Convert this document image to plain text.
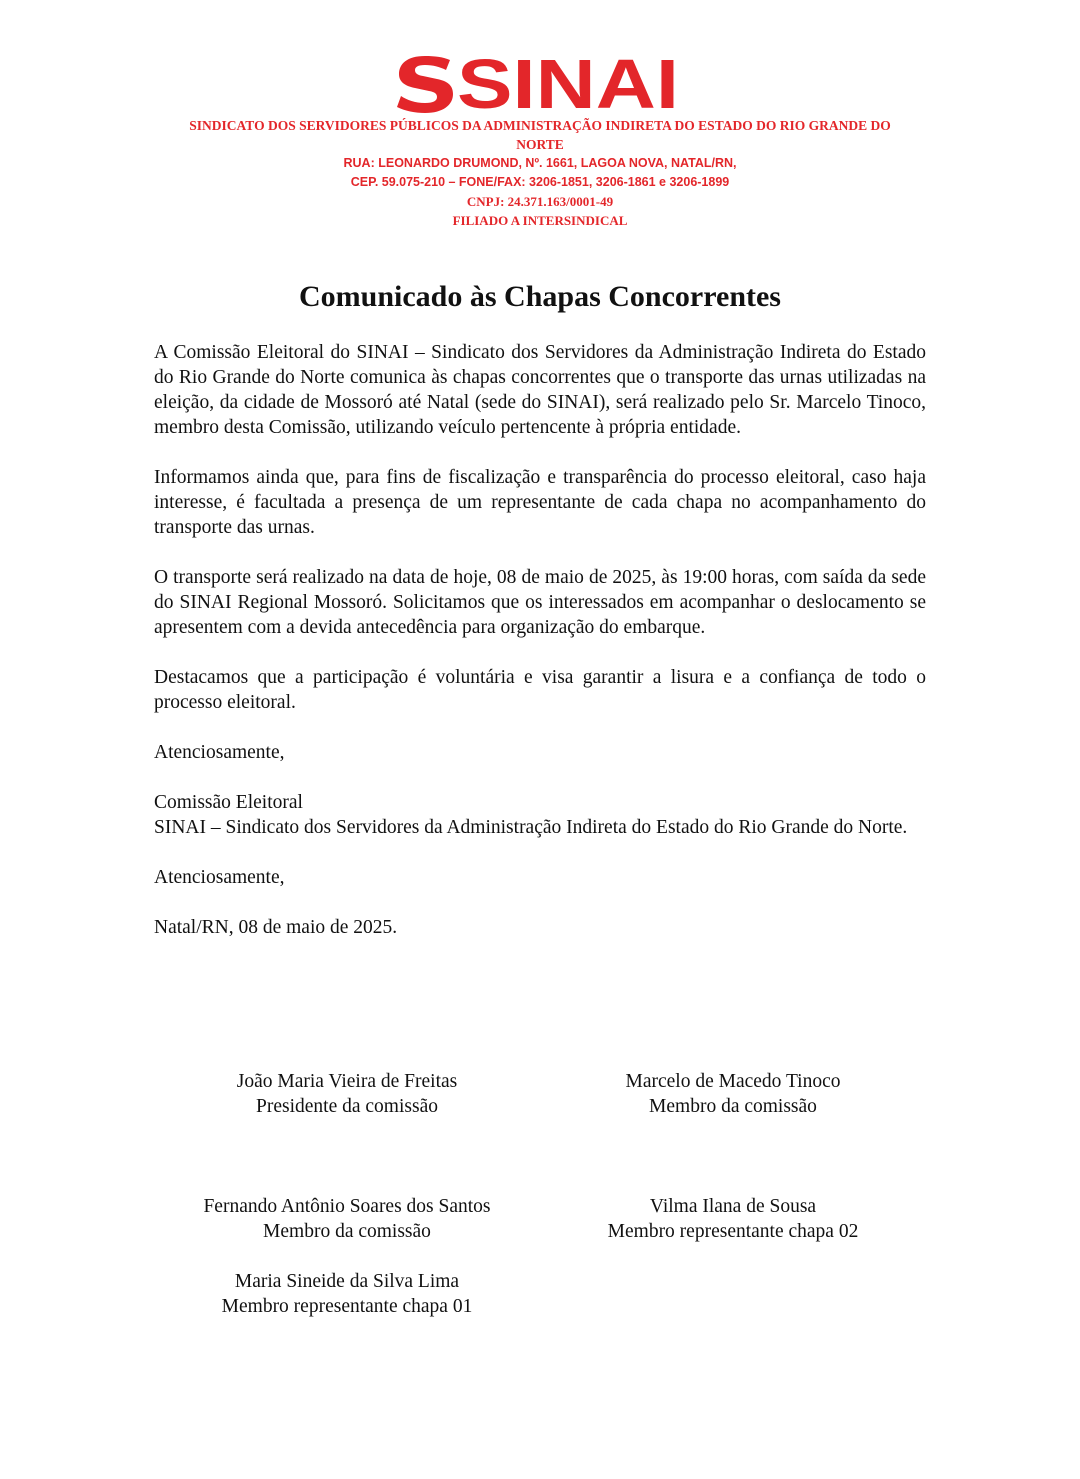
SINAI
SINDICATO DOS SERVIDORES PÚBLICOS DA ADMINISTRAÇÃO INDIRETA DO ESTADO DO RIO GRANDE DO NORTE
RUA: LEONARDO DRUMOND, Nº. 1661, LAGOA NOVA, NATAL/RN,
CEP. 59.075-210 – FONE/FAX: 3206-1851, 3206-1861 e 3206-1899
CNPJ: 24.371.163/0001-49
FILIADO A INTERSINDICAL
Comunicado às Chapas Concorrentes

A Comissão Eleitoral do SINAI – Sindicato dos Servidores da Administração Indireta do Estado do Rio Grande do Norte comunica às chapas concorrentes que o transporte das urnas utilizadas na eleição, da cidade de Mossoró até Natal (sede do SINAI), será realizado pelo Sr. Marcelo Tinoco, membro desta Comissão, utilizando veículo pertencente à própria entidade.

Informamos ainda que, para fins de fiscalização e transparência do processo eleitoral, caso haja interesse, é facultada a presença de um representante de cada chapa no acompanhamento do transporte das urnas.

O transporte será realizado na data de hoje, 08 de maio de 2025, às 19:00 horas, com saída da sede do SINAI Regional Mossoró. Solicitamos que os interessados em acompanhar o deslocamento se apresentem com a devida antecedência para organização do embarque.

Destacamos que a participação é voluntária e visa garantir a lisura e a confiança de todo o processo eleitoral.

Atenciosamente,

Comissão Eleitoral
SINAI – Sindicato dos Servidores da Administração Indireta do Estado do Rio Grande do Norte.

Atenciosamente,

Natal/RN, 08 de maio de 2025.

João Maria Vieira de Freitas
Presidente da comissão
Marcelo de Macedo Tinoco
Membro da comissão
Fernando Antônio Soares dos Santos
Membro da comissão
Vilma Ilana de Sousa
Membro representante chapa 02
Maria Sineide da Silva Lima
Membro representante chapa 01
